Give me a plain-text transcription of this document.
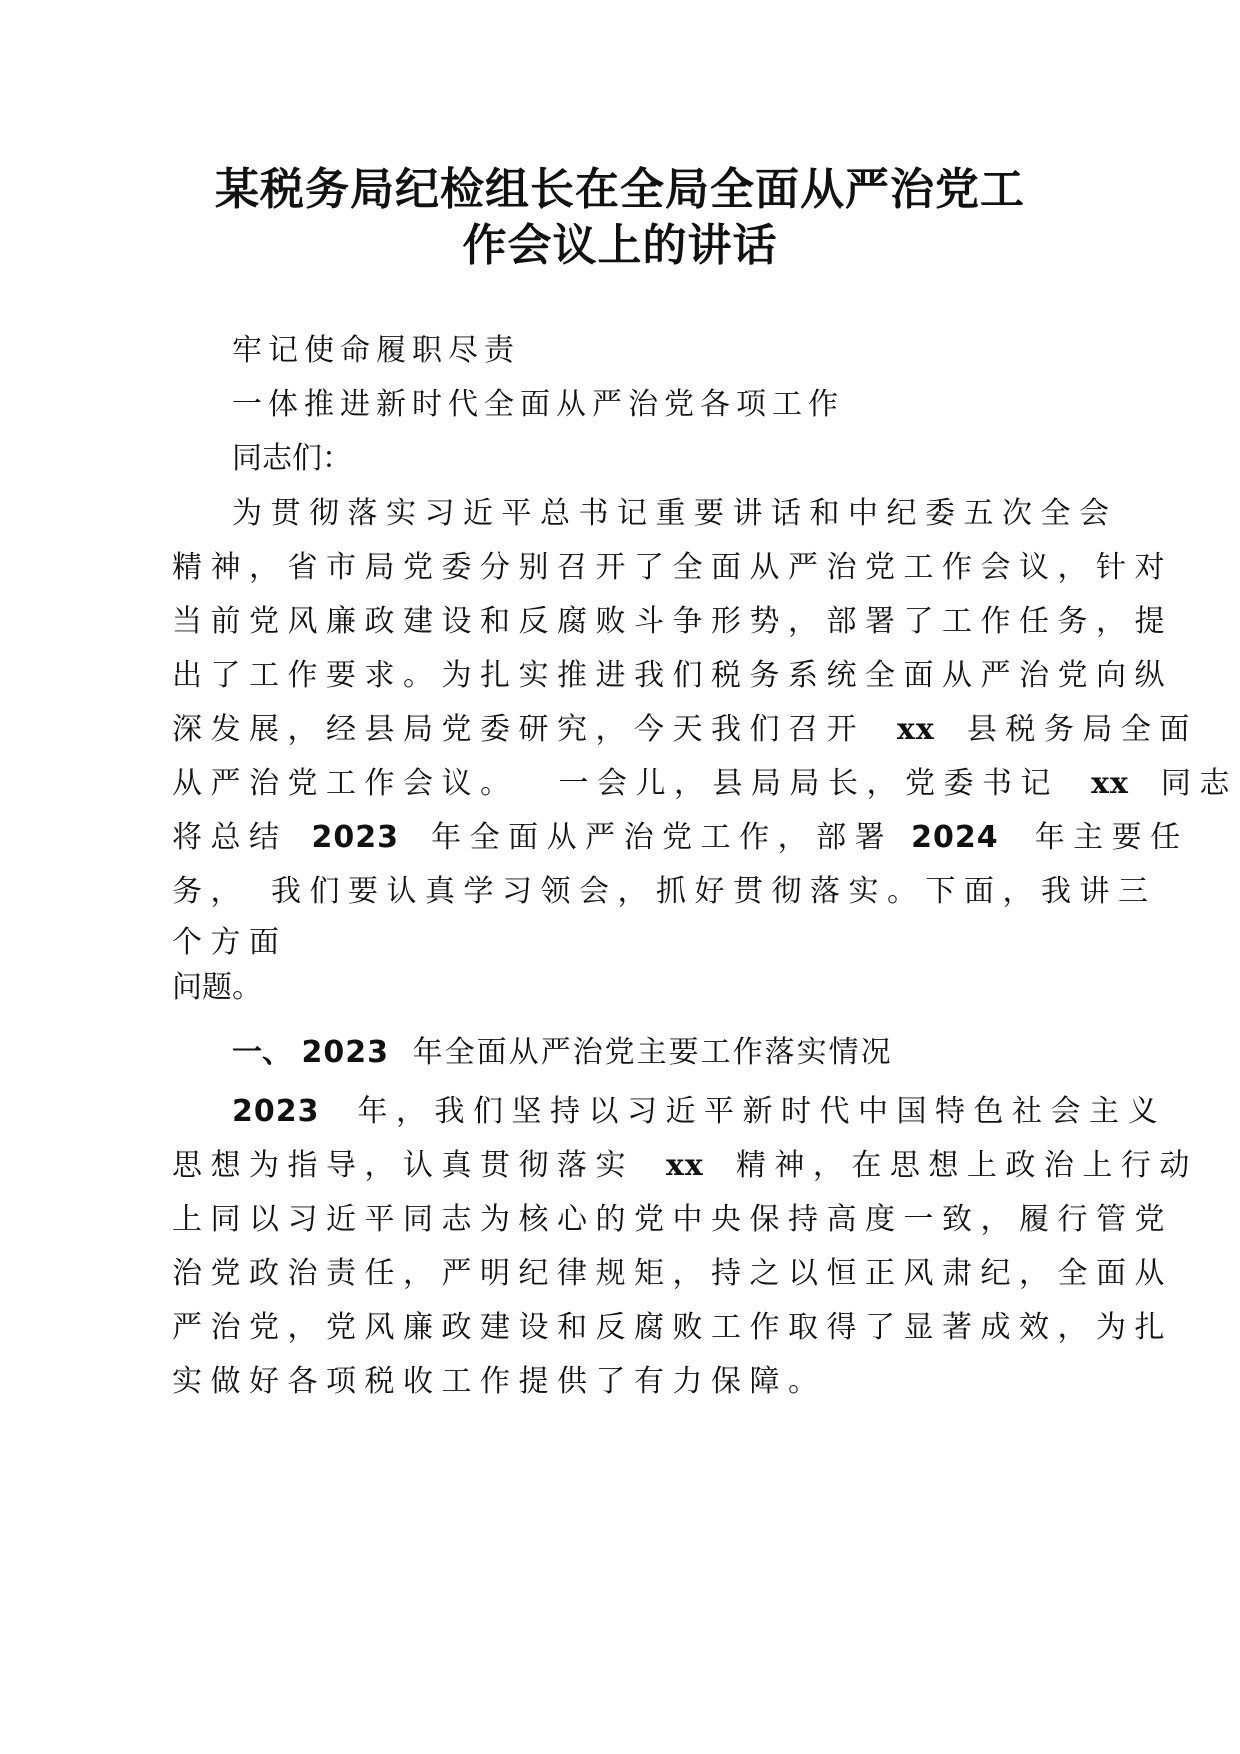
某税务局纪检组长在全局全面从严治党工
作会议上的讲话

牢记使命履职尽责

一体推进新时代全面从严治党各项工作

同志们：

为贯彻落实习近平总书记重要讲话和中纪委五次全会

精神，省市局党委分别召开了全面从严治党工作会议，针对

当前党风廉政建设和反腐败斗争形势，部署了工作任务，提

出了工作要求。为扎实推进我们税务系统全面从严治党向纵

深发展，经县局党委研究，今天我们召开 xx 县税务局全面

从严治党工作会议。 一会儿，县局局长，党委书记 xx 同志

将总结 2023 年全面从严治党工作，部署 2024 年主要任

务， 我们要认真学习领会，抓好贯彻落实。下面，我讲三

个方面

问题。

一、 2023 年全面从严治党主要工作落实情况

2023 年，我们坚持以习近平新时代中国特色社会主义

思想为指导，认真贯彻落实 xx 精神，在思想上政治上行动

上同以习近平同志为核心的党中央保持高度一致，履行管党

治党政治责任，严明纪律规矩，持之以恒正风肃纪，全面从

严治党，党风廉政建设和反腐败工作取得了显著成效，为扎

实做好各项税收工作提供了有力保障。
